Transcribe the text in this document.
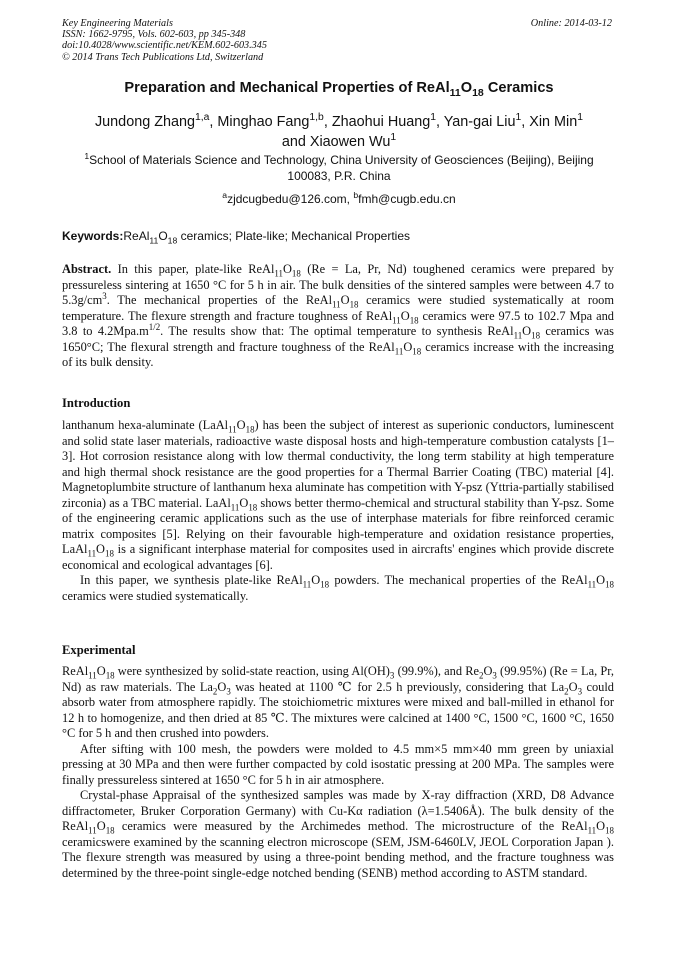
Key Engineering Materials
ISSN: 1662-9795, Vols. 602-603, pp 345-348
doi:10.4028/www.scientific.net/KEM.602-603.345
© 2014 Trans Tech Publications Ltd, Switzerland
Online: 2014-03-12
Preparation and Mechanical Properties of $ReAl_{11}O_{18}$ Ceramics
Jundong Zhang$^{1,a}$, Minghao Fang$^{1,b}$, Zhaohui Huang$^1$, Yan-gai Liu$^1$, Xin Min$^1$
and Xiaowen Wu$^1$
$^1$School of Materials Science and Technology, China University of Geosciences (Beijing), Beijing
100083, P.R. China
$^a$zjdcugbedu@126.com, $^b$fmh@cugb.edu.cn
$Keywords:ReAl_{11}O_{18}$ ceramics; Plate-like; Mechanical Properties

Abstract. In this paper, plate-like $ReAl_{11}O_{18}$ (Re = La, Pr, Nd) toughened ceramics were prepared by pressureless sintering at 1650 °C for 5 h in air. The bulk densities of the sintered samples were between 4.7 to $5.3g/cm^3$. The mechanical properties of the $ReAl_{11}O_{18}$ ceramics were studied systematically at room temperature. The flexure strength and fracture toughness of $ReAl_{11}O_{18}$ ceramics were 97.5 to 102.7 Mpa and 3.8 to $4.2Mpa.m^{1/2}$. The results show that: The optimal temperature to synthesis $ReAl_{11}O_{18}$ ceramics was 1650°C; The flexural strength and fracture toughness of the $ReAl_{11}O_{18}$ ceramics increase with the increasing of its bulk density.

Introduction

lanthanum hexa-aluminate $(LaAl_{11}O_{18})$ has been the subject of interest as superionic conductors, luminescent and solid state laser materials, radioactive waste disposal hosts and high-temperature combustion catalysts [1–3]. Hot corrosion resistance along with low thermal conductivity, the long term stability at high temperature and high thermal shock resistance are the good properties for a Thermal Barrier Coating (TBC) material [4]. Magnetoplumbite structure of lanthanum hexa aluminate has competition with Y-psz (Yttria-partially stabilised zirconia) as a TBC material. $LaAl_{11}O_{18}$ shows better thermo-chemical and structural stability than Y-psz. Some of the engineering ceramic applications such as the use of interphase materials for fibre reinforced ceramic matrix composites [5]. Relying on their favourable high-temperature and oxidation resistance properties, $LaAl_{11}O_{18}$ is a significant interphase material for composites used in aircrafts' engines which provide discrete economical and ecological advantages [6].

In this paper, we synthesis plate-like $ReAl_{11}O_{18}$ powders. The mechanical properties of the $ReAl_{11}O_{18}$ ceramics were studied systematically.

Experimental

$ReAl_{11}O_{18}$ were synthesized by solid-state reaction, using $Al(OH)_3$ (99.9%), and $Re_2O_3$ (99.95%) (Re = La, Pr, Nd) as raw materials. The $La_2O_3$ was heated at 1100 ℃ for 2.5 h previously, considering that $La_2O_3$ could absorb water from atmosphere rapidly. The stoichiometric mixtures were mixed and ball-milled in ethanol for 12 h to homogenize, and then dried at 85 ℃. The mixtures were calcined at 1400 °C, 1500 °C, 1600 °C, 1650 °C for 5 h and then crushed into powders.

After sifting with 100 mesh, the powders were molded to 4.5 mm×5 mm×40 mm green by uniaxial pressing at 30 MPa and then were further compacted by cold isostatic pressing at 200 MPa. The samples were finally pressureless sintered at 1650 °C for 5 h in air atmosphere.

Crystal-phase Appraisal of the synthesized samples was made by X-ray diffraction (XRD, D8 Advance diffractometer, Bruker Corporation Germany) with Cu-Kα radiation (λ=1.5406Å). The bulk density of the $ReAl_{11}O_{18}$ ceramics were measured by the Archimedes method. The microstructure of the $ReAl_{11}O_{18}$ ceramicswere examined by the scanning electron microscope (SEM, JSM-6460LV, JEOL Corporation Japan ). The flexure strength was measured by using a three-point bending method, and the fracture toughness was determined by the three-point single-edge notched bending (SENB) method according to ASTM standard.
